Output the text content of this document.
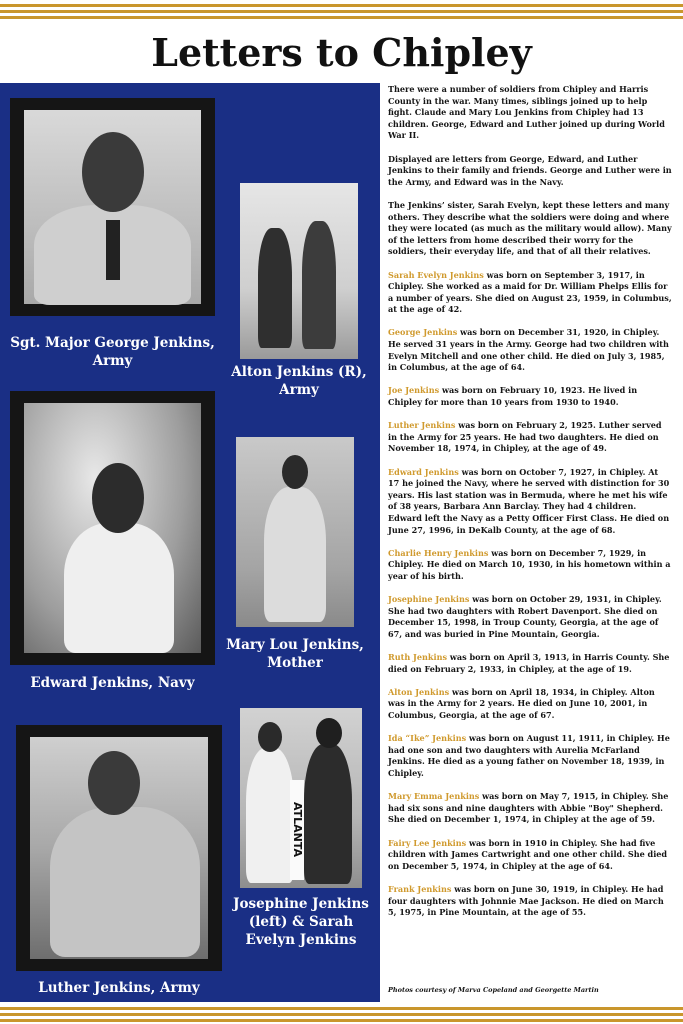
Letters to Chipley
Sgt. Major George Jenkins, Army
Alton Jenkins (R), Army
Edward Jenkins, Navy
Mary Lou Jenkins, Mother
Luther Jenkins, Army
ATLANTA
Josephine Jenkins (left) & Sarah Evelyn Jenkins

There were a number of soldiers from Chipley and Harris County in the war. Many times, siblings joined up to help fight. Claude and Mary Lou Jenkins from Chipley had 13 children. George, Edward and Luther joined up during World War II.

Displayed are letters from George, Edward, and Luther Jenkins to their family and friends. George and Luther were in the Army, and Edward was in the Navy.

The Jenkins’ sister, Sarah Evelyn, kept these letters and many others. They describe what the soldiers were doing and where they were located (as much as the military would allow). Many of the letters from home described their worry for the soldiers, their everyday life, and that of all their relatives.

Sarah Evelyn Jenkins was born on September 3, 1917, in Chipley. She worked as a maid for Dr. William Phelps Ellis for a number of years. She died on August 23, 1959, in Columbus, at the age of 42.

George Jenkins was born on December 31, 1920, in Chipley. He served 31 years in the Army. George had two children with Evelyn Mitchell and one other child. He died on July 3, 1985, in Columbus, at the age of 64.

Joe Jenkins was born on February 10, 1923. He lived in Chipley for more than 10 years from 1930 to 1940.

Luther Jenkins was born on February 2, 1925. Luther served in the Army for 25 years. He had two daughters. He died on November 18, 1974, in Chipley, at the age of 49.

Edward Jenkins was born on October 7, 1927, in Chipley. At 17 he joined the Navy, where he served with distinction for 30 years. His last station was in Bermuda, where he met his wife of 38 years, Barbara Ann Barclay. They had 4 children. Edward left the Navy as a Petty Officer First Class. He died on June 27, 1996, in DeKalb County, at the age of 68.

Charlie Henry Jenkins was born on December 7, 1929, in Chipley. He died on March 10, 1930, in his hometown within a year of his birth.

Josephine Jenkins was born on October 29, 1931, in Chipley. She had two daughters with Robert Davenport. She died on December 15, 1998, in Troup County, Georgia, at the age of 67, and was buried in Pine Mountain, Georgia.

Ruth Jenkins was born on April 3, 1913, in Harris County. She died on February 2, 1933, in Chipley, at the age of 19.

Alton Jenkins was born on April 18, 1934, in Chipley. Alton was in the Army for 2 years. He died on June 10, 2001, in Columbus, Georgia, at the age of 67.

Ida “Ike” Jenkins was born on August 11, 1911, in Chipley. He had one son and two daughters with Aurelia McFarland Jenkins. He died as a young father on November 18, 1939, in Chipley.

Mary Emma Jenkins was born on May 7, 1915, in Chipley. She had six sons and nine daughters with Abbie "Boy" Shepherd. She died on December 1, 1974, in Chipley at the age of 59.

Fairy Lee Jenkins was born in 1910 in Chipley. She had five children with James Cartwright and one other child. She died on December 5, 1974, in Chipley at the age of 64.

Frank Jenkins was born on June 30, 1919, in Chipley. He had four daughters with Johnnie Mae Jackson. He died on March 5, 1975, in Pine Mountain, at the age of 55.

Photos courtesy of Marva Copeland and Georgette Martin
